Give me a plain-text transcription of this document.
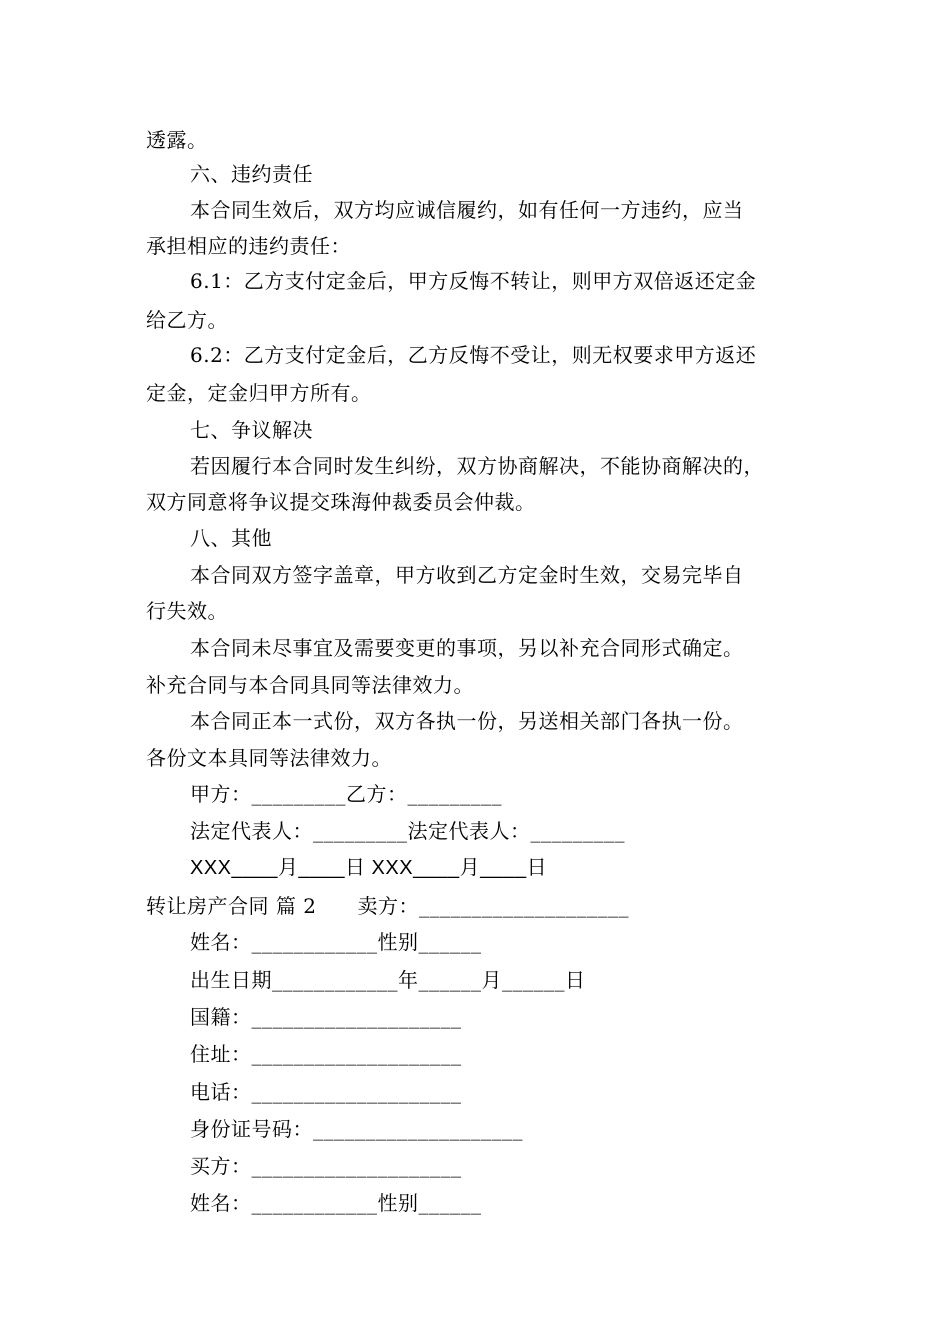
透露。
六、违约责任
本合同生效后，双方均应诚信履约，如有任何一方违约，应当
承担相应的违约责任：
6.1：乙方支付定金后，甲方反悔不转让，则甲方双倍返还定金
给乙方。
6.2：乙方支付定金后，乙方反悔不受让，则无权要求甲方返还
定金，定金归甲方所有。
七、争议解决
若因履行本合同时发生纠纷，双方协商解决，不能协商解决的，
双方同意将争议提交珠海仲裁委员会仲裁。
八、其他
本合同双方签字盖章，甲方收到乙方定金时生效，交易完毕自
行失效。
本合同未尽事宜及需要变更的事项，另以补充合同形式确定。
补充合同与本合同具同等法律效力。
本合同正本一式份，双方各执一份，另送相关部门各执一份。
各份文本具同等法律效力。
甲方：_________乙方：_________
法定代表人：_________法定代表人：_________
XXX____月____日 XXX____月____日
转让房产合同 篇 2　　卖方：____________________
姓名：____________性别______
出生日期____________年______月______日
国籍：____________________
住址：____________________
电话：____________________
身份证号码：____________________
买方：____________________
姓名：____________性别______
